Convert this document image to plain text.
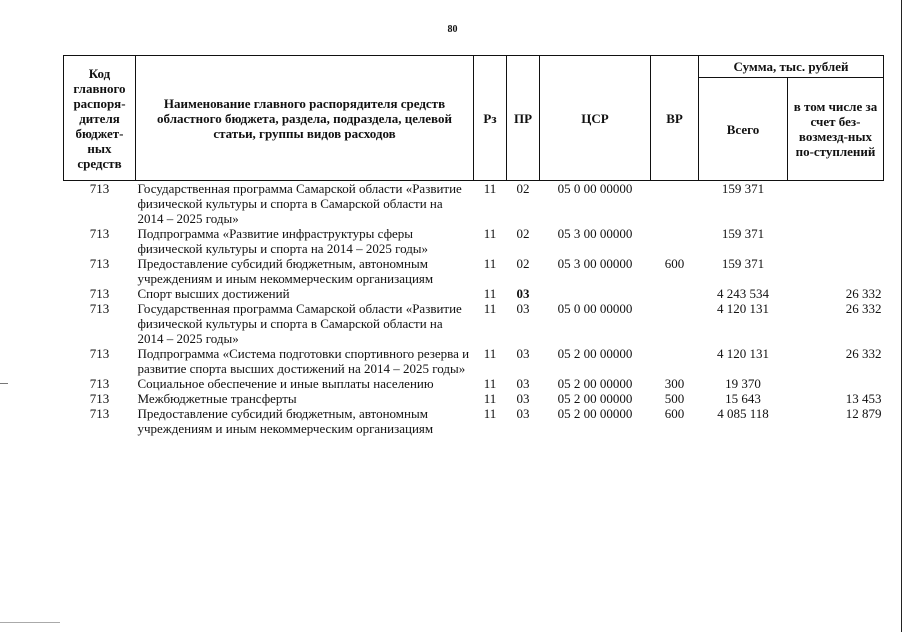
80
Код главного распоря-дителя бюджет-ных средств	Наименование главного распорядителя средств областного бюджета, раздела, подраздела, целевой статьи, группы видов расходов	Рз	ПР	ЦСР	ВР	Сумма, тыс. рублей	
						Всего	в том числе за счет без-возмезд-ных по-ступлений
713	Государственная программа Самарской области «Развитие физической культуры и спорта в Самарской области на 2014 – 2025 годы»	11	02	05 0 00 00000		159 371	
713	Подпрограмма «Развитие инфраструктуры сферы физической культуры и спорта на 2014 – 2025 годы»	11	02	05 3 00 00000		159 371	
713	Предоставление субсидий бюджетным, автономным учреждениям и иным некоммерческим организациям	11	02	05 3 00 00000	600	159 371	
713	Спорт высших достижений	11	03			4 243 534	26 332
713	Государственная программа Самарской области «Развитие физической культуры и спорта в Самарской области на 2014 – 2025 годы»	11	03	05 0 00 00000		4 120 131	26 332
713	Подпрограмма «Система подготовки спортивного резерва и развитие спорта высших достижений на 2014 – 2025 годы»	11	03	05 2 00 00000		4 120 131	26 332
713	Социальное обеспечение и иные выплаты населению	11	03	05 2 00 00000	300	19 370	
713	Межбюджетные трансферты	11	03	05 2 00 00000	500	15 643	13 453
713	Предоставление субсидий бюджетным, автономным учреждениям и иным некоммерческим организациям	11	03	05 2 00 00000	600	4 085 118	12 879
